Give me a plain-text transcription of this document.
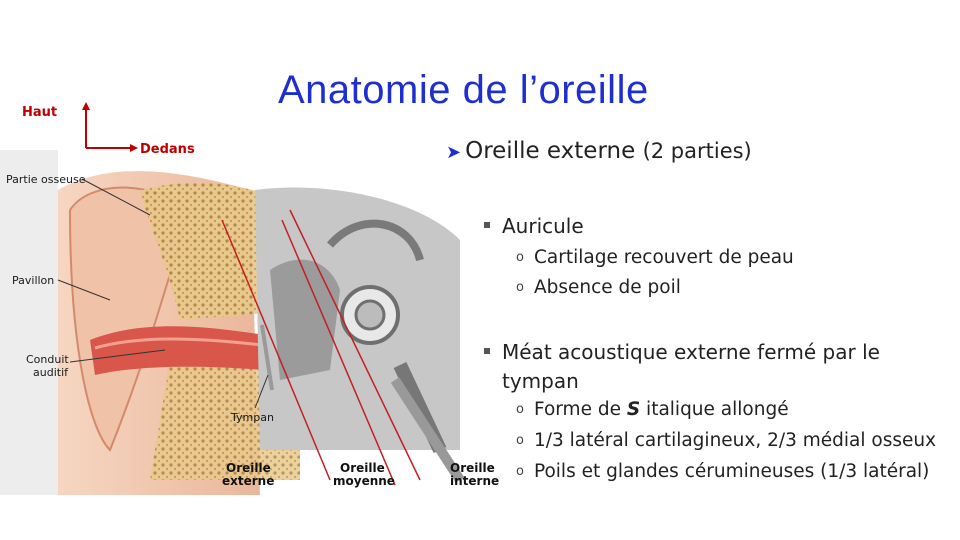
Anatomie de l’oreille
Haut
Dedans
Partie osseuse
Pavillon
Conduit
auditif
Tympan
Oreille
externe
Oreille
moyenne
Oreille
interne
➤ Oreille externe (2 parties)
Auricule
o Cartilage recouvert de peau
o Absence de poil
Méat acoustique externe fermé par le
tympan
o Forme de S italique allongé
o 1/3 latéral cartilagineux, 2/3 médial osseux
o Poils et glandes cérumineuses (1/3 latéral)
